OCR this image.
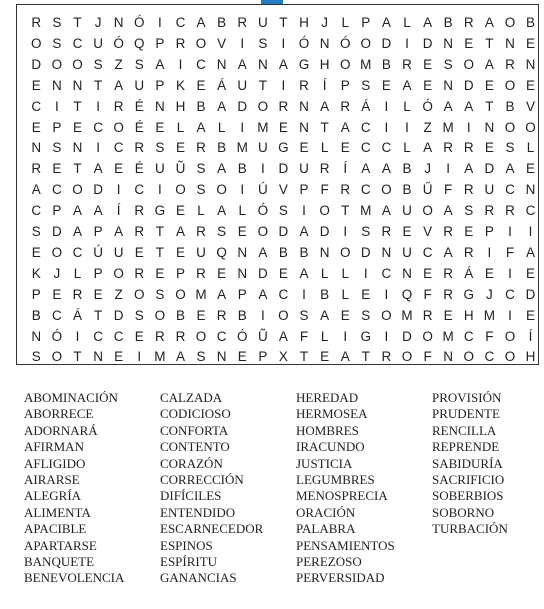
R S T J N Ó I	C A B R U T H J L P A L A B R A O B
O S C U Ó Q P R O V	I	S	I Ó N Ó O D	I	D N E T N E
D O O S Z S A	I	C N A N A G H O M B R E S O A R N
E N N T A U P K E Á U T	I	R	Í	P S E A E N D E O E
C	I	T	I	R É N H B A D O R N A R Á	I	L Ó A A T B V
E P E C O É E L A L	I M E N T A C	I	I	Z M I	N O O
N S N	I	C R S E R B M U G E L E C C L A R R E S L
R E T A E É U Ũ S A B	I	D U R	Í	A A B J	I	A D A E
A C O D	I	C	I O S O I	Ú V P F R C O B Ű F R U C N
C P A A	Í	R G E L A L Ó S	I O T M A U O A S R R C
S D A P A R T A R S E O D A D	I	S R E V R E P	I	I
E O C Ú U E T E U Q N A B B N O D N U C A R	I	F A
K J L P O R E P R E N D E A L L	I	C N E R Á E	I	E
P E R E Z O S O M A P A C	I	B L E	I Q F R G J C D
B C Á T D S O B E R B	I O S A E S O M R E H M I	E
N Ó I	C C E R R O C Ó Ũ A F L	I G I	D O M C F O Í
S O T N E	I M A S N E P X T E A T R O F N O C O H
ABOMINACIÓN
ABORRECE
ADORNARÁ
AFIRMAN
AFLIGIDO
AIRARSE
ALEGRÍA
ALIMENTA
APACIBLE
APARTARSE
BANQUETE
BENEVOLENCIA
CALZADA
CODICIOSO
CONFORTA
CONTENTO
CORAZÓN
CORRECCIÓN
DIFÍCILES
ENTENDIDO
ESCARNECEDOR
ESPINOS
ESPÍRITU
GANANCIAS
HEREDAD
HERMOSEA
HOMBRES
IRACUNDO
JUSTICIA
LEGUMBRES
MENOSPRECIA
ORACIÓN
PALABRA
PENSAMIENTOS
PEREZOSO
PERVERSIDAD
PROVISIÓN
PRUDENTE
RENCILLA
REPRENDE
SABIDURÍA
SACRIFICIO
SOBERBIOS
SOBORNO
TURBACIÓN
